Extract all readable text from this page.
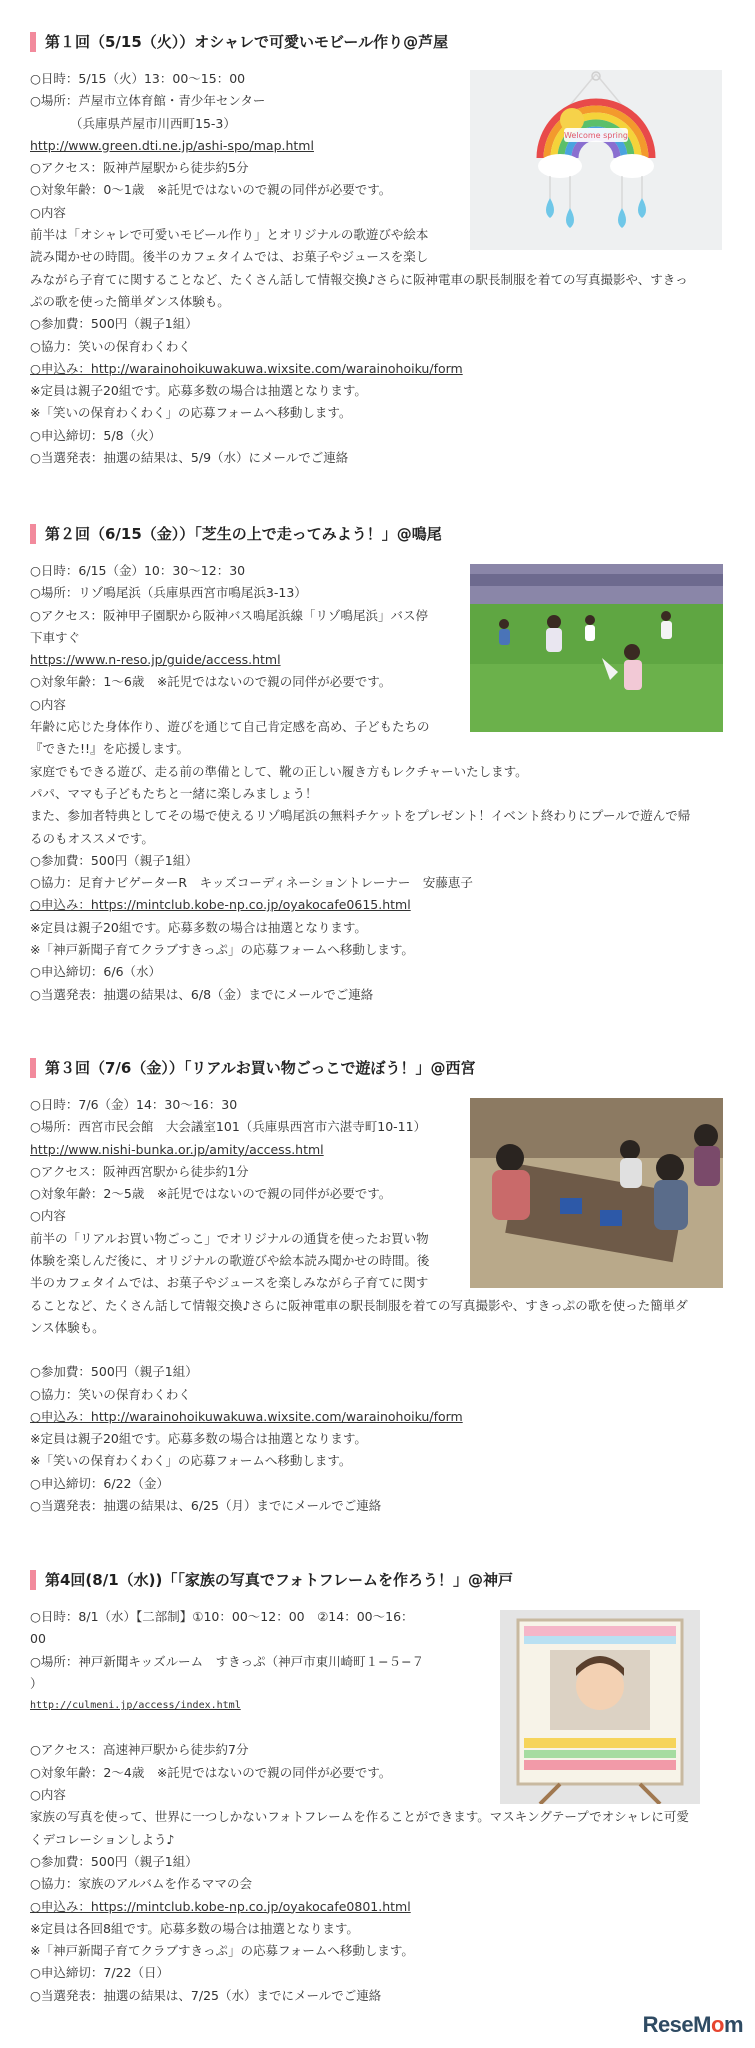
第１回（5/15（火））オシャレで可愛いモビール作り@芦屋
○日時：5/15（火）13：00〜15：00
○場所：芦屋市立体育館・青少年センター
（兵庫県芦屋市川西町15-3）
http://www.green.dti.ne.jp/ashi-spo/map.html
○アクセス：阪神芦屋駅から徒歩約5分
○対象年齢：0〜1歳　※託児ではないので親の同伴が必要です。
○内容
前半は「オシャレで可愛いモビール作り」とオリジナルの歌遊びや絵本
読み聞かせの時間。後半のカフェタイムでは、お菓子やジュースを楽し
みながら子育てに関することなど、たくさん話して情報交換♪さらに阪神電車の駅長制服を着ての写真撮影や、すきっ
ぷの歌を使った簡単ダンス体験も。
○参加費：500円（親子1組）
○協力：笑いの保育わくわく
○申込み：http://warainohoikuwakuwa.wixsite.com/warainohoiku/form
※定員は親子20組です。応募多数の場合は抽選となります。
※「笑いの保育わくわく」の応募フォームへ移動します。
○申込締切：5/8（火）
○当選発表：抽選の結果は、5/9（水）にメールでご連絡
Welcome spring
第２回（6/15（金））「芝生の上で走ってみよう！」@鳴尾
○日時：6/15（金）10：30〜12：30
○場所：リゾ鳴尾浜（兵庫県西宮市鳴尾浜3-13）
○アクセス：阪神甲子園駅から阪神バス鳴尾浜線「リゾ鳴尾浜」バス停
下車すぐ
https://www.n-reso.jp/guide/access.html
○対象年齢：1〜6歳　※託児ではないので親の同伴が必要です。
○内容
年齢に応じた身体作り、遊びを通じて自己肯定感を高め、子どもたちの
『できた!!』を応援します。
家庭でもできる遊び、走る前の準備として、靴の正しい履き方もレクチャーいたします。
パパ、ママも子どもたちと一緒に楽しみましょう！
また、参加者特典としてその場で使えるリゾ鳴尾浜の無料チケットをプレゼント！イベント終わりにプールで遊んで帰
るのもオススメです。
○参加費：500円（親子1組）
○協力：足育ナビゲーターR　キッズコーディネーショントレーナー　安藤恵子
○申込み：https://mintclub.kobe-np.co.jp/oyakocafe0615.html
※定員は親子20組です。応募多数の場合は抽選となります。
※「神戸新聞子育てクラブすきっぷ」の応募フォームへ移動します。
○申込締切：6/6（水）
○当選発表：抽選の結果は、6/8（金）までにメールでご連絡
第３回（7/6（金））「リアルお買い物ごっこで遊ぼう！」@西宮
○日時：7/6（金）14：30〜16：30
○場所：西宮市民会館　大会議室101（兵庫県西宮市六湛寺町10-11）
http://www.nishi-bunka.or.jp/amity/access.html
○アクセス：阪神西宮駅から徒歩約1分
○対象年齢：2〜5歳　※託児ではないので親の同伴が必要です。
○内容
前半の「リアルお買い物ごっこ」でオリジナルの通貨を使ったお買い物
体験を楽しんだ後に、オリジナルの歌遊びや絵本読み聞かせの時間。後
半のカフェタイムでは、お菓子やジュースを楽しみながら子育てに関す
ることなど、たくさん話して情報交換♪さらに阪神電車の駅長制服を着ての写真撮影や、すきっぷの歌を使った簡単ダ
ンス体験も。
○参加費：500円（親子1組）
○協力：笑いの保育わくわく
○申込み：http://warainohoikuwakuwa.wixsite.com/warainohoiku/form
※定員は親子20組です。応募多数の場合は抽選となります。
※「笑いの保育わくわく」の応募フォームへ移動します。
○申込締切：6/22（金）
○当選発表：抽選の結果は、6/25（月）までにメールでご連絡
第4回(8/1（水))「「家族の写真でフォトフレームを作ろう！」@神戸
○日時：8/1（水）【二部制】①10：00〜12：00　②14：00〜16：
00
○場所：神戸新聞キッズルーム　すきっぷ（神戸市東川崎町１−５−７
）
http://culmeni.jp/access/index.html
○アクセス：高速神戸駅から徒歩約7分
○対象年齢：2〜4歳　※託児ではないので親の同伴が必要です。
○内容
家族の写真を使って、世界に一つしかないフォトフレームを作ることができます。マスキングテープでオシャレに可愛
くデコレーションしよう♪
○参加費：500円（親子1組）
○協力：家族のアルバムを作るママの会
○申込み：https://mintclub.kobe-np.co.jp/oyakocafe0801.html
※定員は各回8組です。応募多数の場合は抽選となります。
※「神戸新聞子育てクラブすきっぷ」の応募フォームへ移動します。
○申込締切：7/22（日）
○当選発表：抽選の結果は、7/25（水）までにメールでご連絡
ReseMom
